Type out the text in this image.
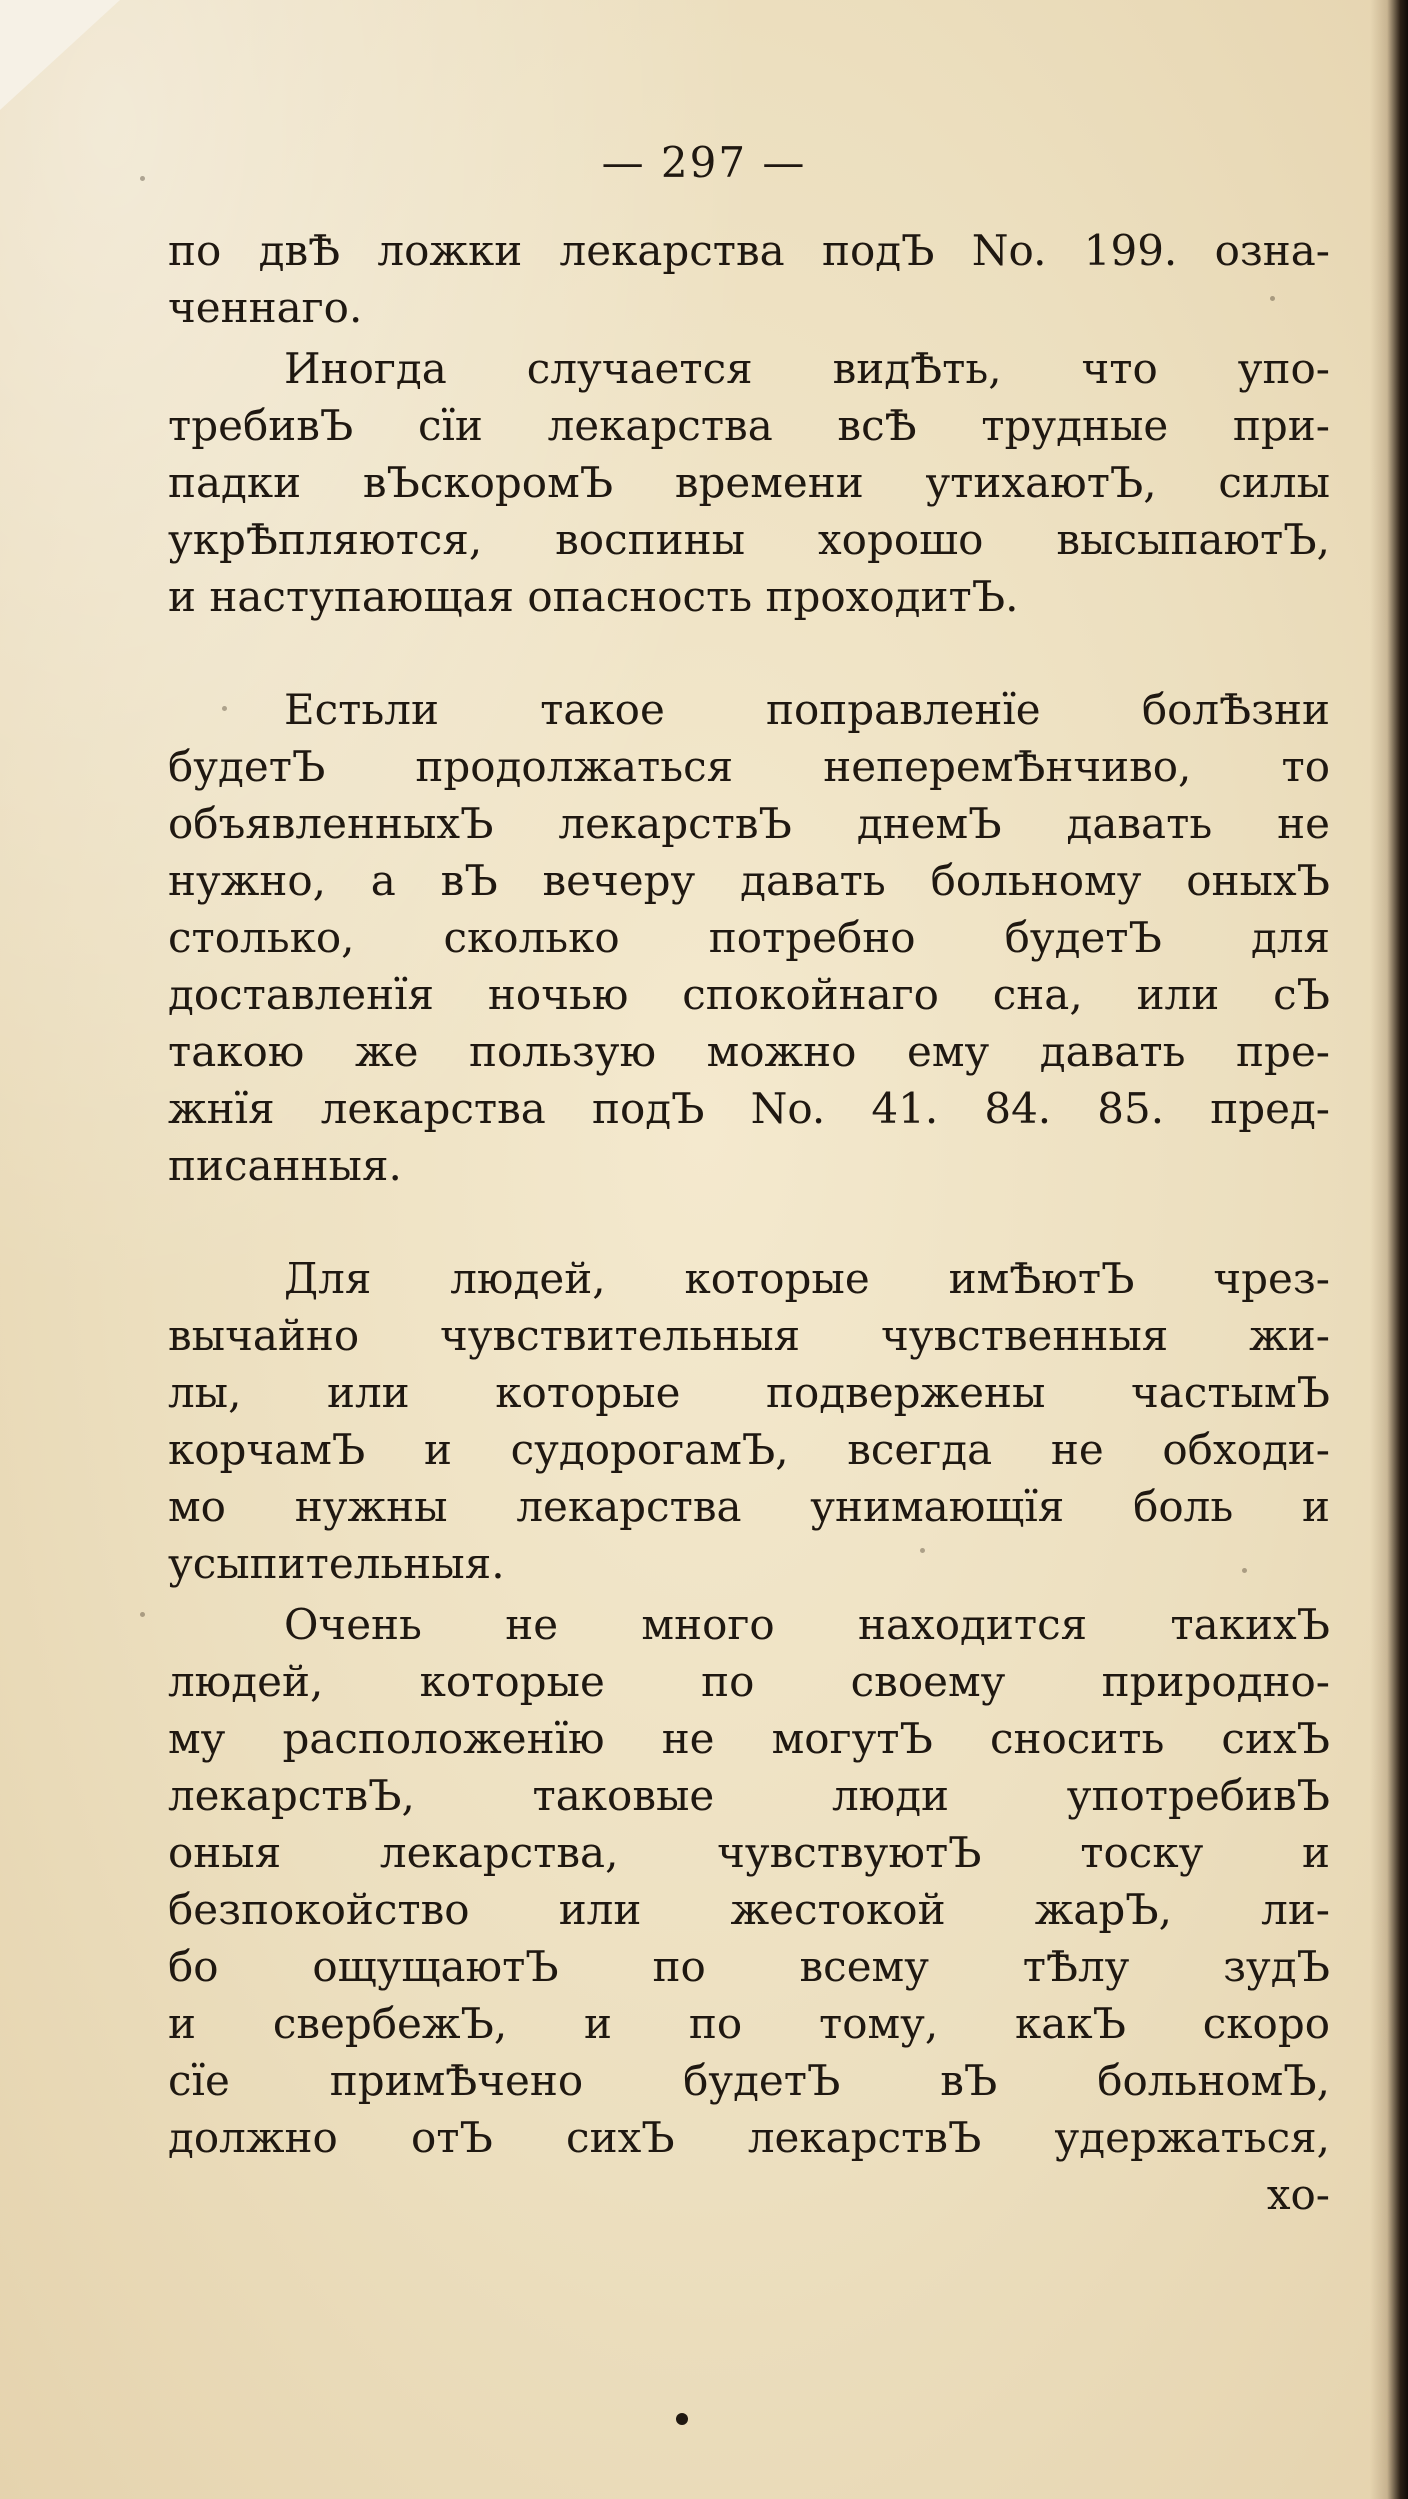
— 297 —
по двѢ ложки лекарства подЪ No. 199. озна-
ченнаго.
Иногда случается видѢть, что упо-
требивЪ сїи лекарства всѢ трудные при-
падки вЪскоромЪ времени утихаютЪ, силы
укрѢпляются, воспины хорошо высыпаютЪ,
и наступающая опасность проходитЪ.
Естьли такое поправленїе болѢзни
будетЪ продолжаться неперемѢнчиво, то
объявленныхЪ лекарствЪ днемЪ давать не
нужно, а вЪ вечеру давать больному оныхЪ
столько, сколько потребно будетЪ для
доставленїя ночью спокойнаго сна, или сЪ
такою же пользую можно ему давать пре-
жнїя лекарства подЪ No. 41. 84. 85. пред-
писанныя.
Для людей, которые имѢютЪ чрез-
вычайно чувствительныя чувственныя жи-
лы, или которые подвержены частымЪ
корчамЪ и судорогамЪ, всегда не обходи-
мо нужны лекарства унимающїя боль и
усыпительныя.
Очень не много находится такихЪ
людей, которые по своему природно-
му расположенїю не могутЪ сносить сихЪ
лекарствЪ, таковые люди употребивЪ
оныя лекарства, чувствуютЪ тоску и
безпокойство или жестокой жарЪ, ли-
бо ощущаютЪ по всему тѢлу зудЪ
и свербежЪ, и по тому, какЪ скоро
сїе примѢчено будетЪ вЪ больномЪ,
должно отЪ сихЪ лекарствЪ удержаться,
хо-
